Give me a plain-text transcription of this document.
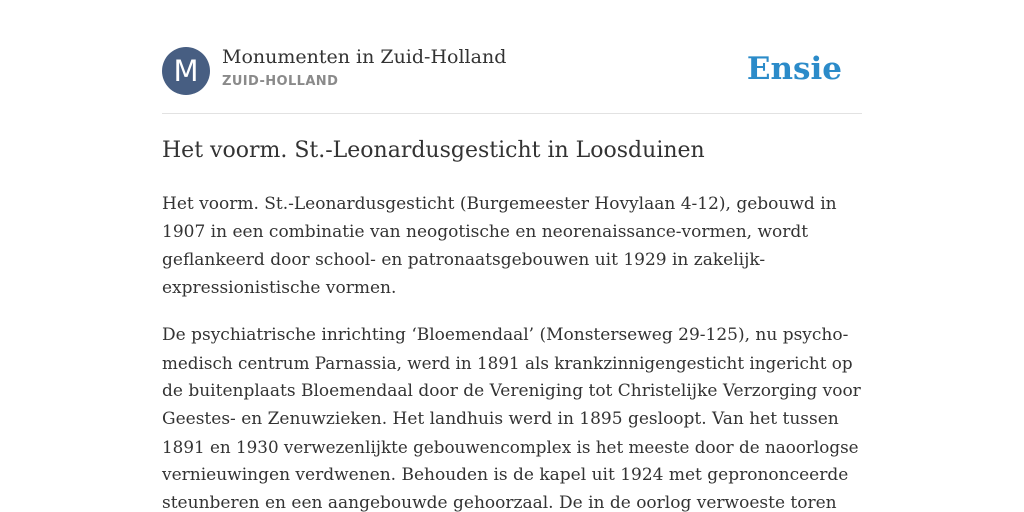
M	Monumenten in Zuid-Holland
ZUID-HOLLAND	Ensie
Het voorm. St.-Leonardusgesticht in Loosduinen

Het voorm. St.-Leonardusgesticht (Burgemeester Hovylaan 4-12), gebouwd in
1907 in een combinatie van neogotische en neorenaissance-vormen, wordt
geflankeerd door school- en patronaatsgebouwen uit 1929 in zakelijk-
expressionistische vormen.

De psychiatrische inrichting ‘Bloemendaal’ (Monsterseweg 29-125), nu psycho-
medisch centrum Parnassia, werd in 1891 als krankzinnigengesticht ingericht op
de buitenplaats Bloemendaal door de Vereniging tot Christelijke Verzorging voor
Geestes- en Zenuwzieken. Het landhuis werd in 1895 gesloopt. Van het tussen
1891 en 1930 verwezenlijkte gebouwencomplex is het meeste door de naoorlogse
vernieuwingen verdwenen. Behouden is de kapel uit 1924 met geprononceerde
steunberen en een aangebouwde gehoorzaal. De in de oorlog verwoeste toren
